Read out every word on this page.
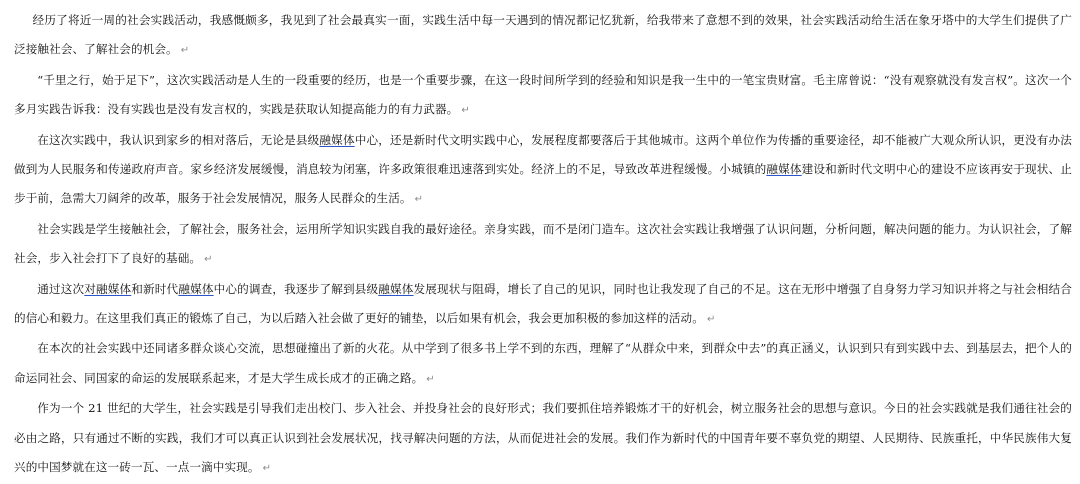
经历了将近一周的社会实践活动，我感慨颇多，我见到了社会最真实一面，实践生活中每一天遇到的情况都记忆犹新，给我带来了意想不到的效果，社会实践活动给生活在象牙塔中的大学生们提供了广泛接触社会、了解社会的机会。 ↵

“千里之行，始于足下”，这次实践活动是人生的一段重要的经历，也是一个重要步骤，在这一段时间所学到的经验和知识是我一生中的一笔宝贵财富。毛主席曾说：“没有观察就没有发言权”。这次一个多月实践告诉我：没有实践也是没有发言权的，实践是获取认知提高能力的有力武器。 ↵

在这次实践中，我认识到家乡的相对落后，无论是县级融媒体中心，还是新时代文明实践中心，发展程度都要落后于其他城市。这两个单位作为传播的重要途径，却不能被广大观众所认识，更没有办法做到为人民服务和传递政府声音。家乡经济发展缓慢，消息较为闭塞，许多政策很难迅速落到实处。经济上的不足，导致改革进程缓慢。小城镇的融媒体建设和新时代文明中心的建设不应该再安于现状、止步于前，急需大刀阔斧的改革，服务于社会发展情况，服务人民群众的生活。 ↵

社会实践是学生接触社会，了解社会，服务社会，运用所学知识实践自我的最好途径。亲身实践，而不是闭门造车。这次社会实践让我增强了认识问题，分析问题，解决问题的能力。为认识社会，了解社会，步入社会打下了良好的基础。 ↵

通过这次对融媒体和新时代融媒体中心的调查，我逐步了解到县级融媒体发展现状与阻碍，增长了自己的见识，同时也让我发现了自己的不足。这在无形中增强了自身努力学习知识并将之与社会相结合的信心和毅力。在这里我们真正的锻炼了自己，为以后踏入社会做了更好的铺垫，以后如果有机会，我会更加积极的参加这样的活动。 ↵

在本次的社会实践中还同诸多群众谈心交流，思想碰撞出了新的火花。从中学到了很多书上学不到的东西，理解了“从群众中来，到群众中去”的真正涵义，认识到只有到实践中去、到基层去，把个人的命运同社会、同国家的命运的发展联系起来，才是大学生成长成才的正确之路。 ↵

作为一个 21 世纪的大学生，社会实践是引导我们走出校门、步入社会、并投身社会的良好形式；我们要抓住培养锻炼才干的好机会，树立服务社会的思想与意识。今日的社会实践就是我们通往社会的必由之路，只有通过不断的实践，我们才可以真正认识到社会发展状况，找寻解决问题的方法，从而促进社会的发展。我们作为新时代的中国青年要不辜负党的期望、人民期待、民族重托，中华民族伟大复兴的中国梦就在这一砖一瓦、一点一滴中实现。 ↵
